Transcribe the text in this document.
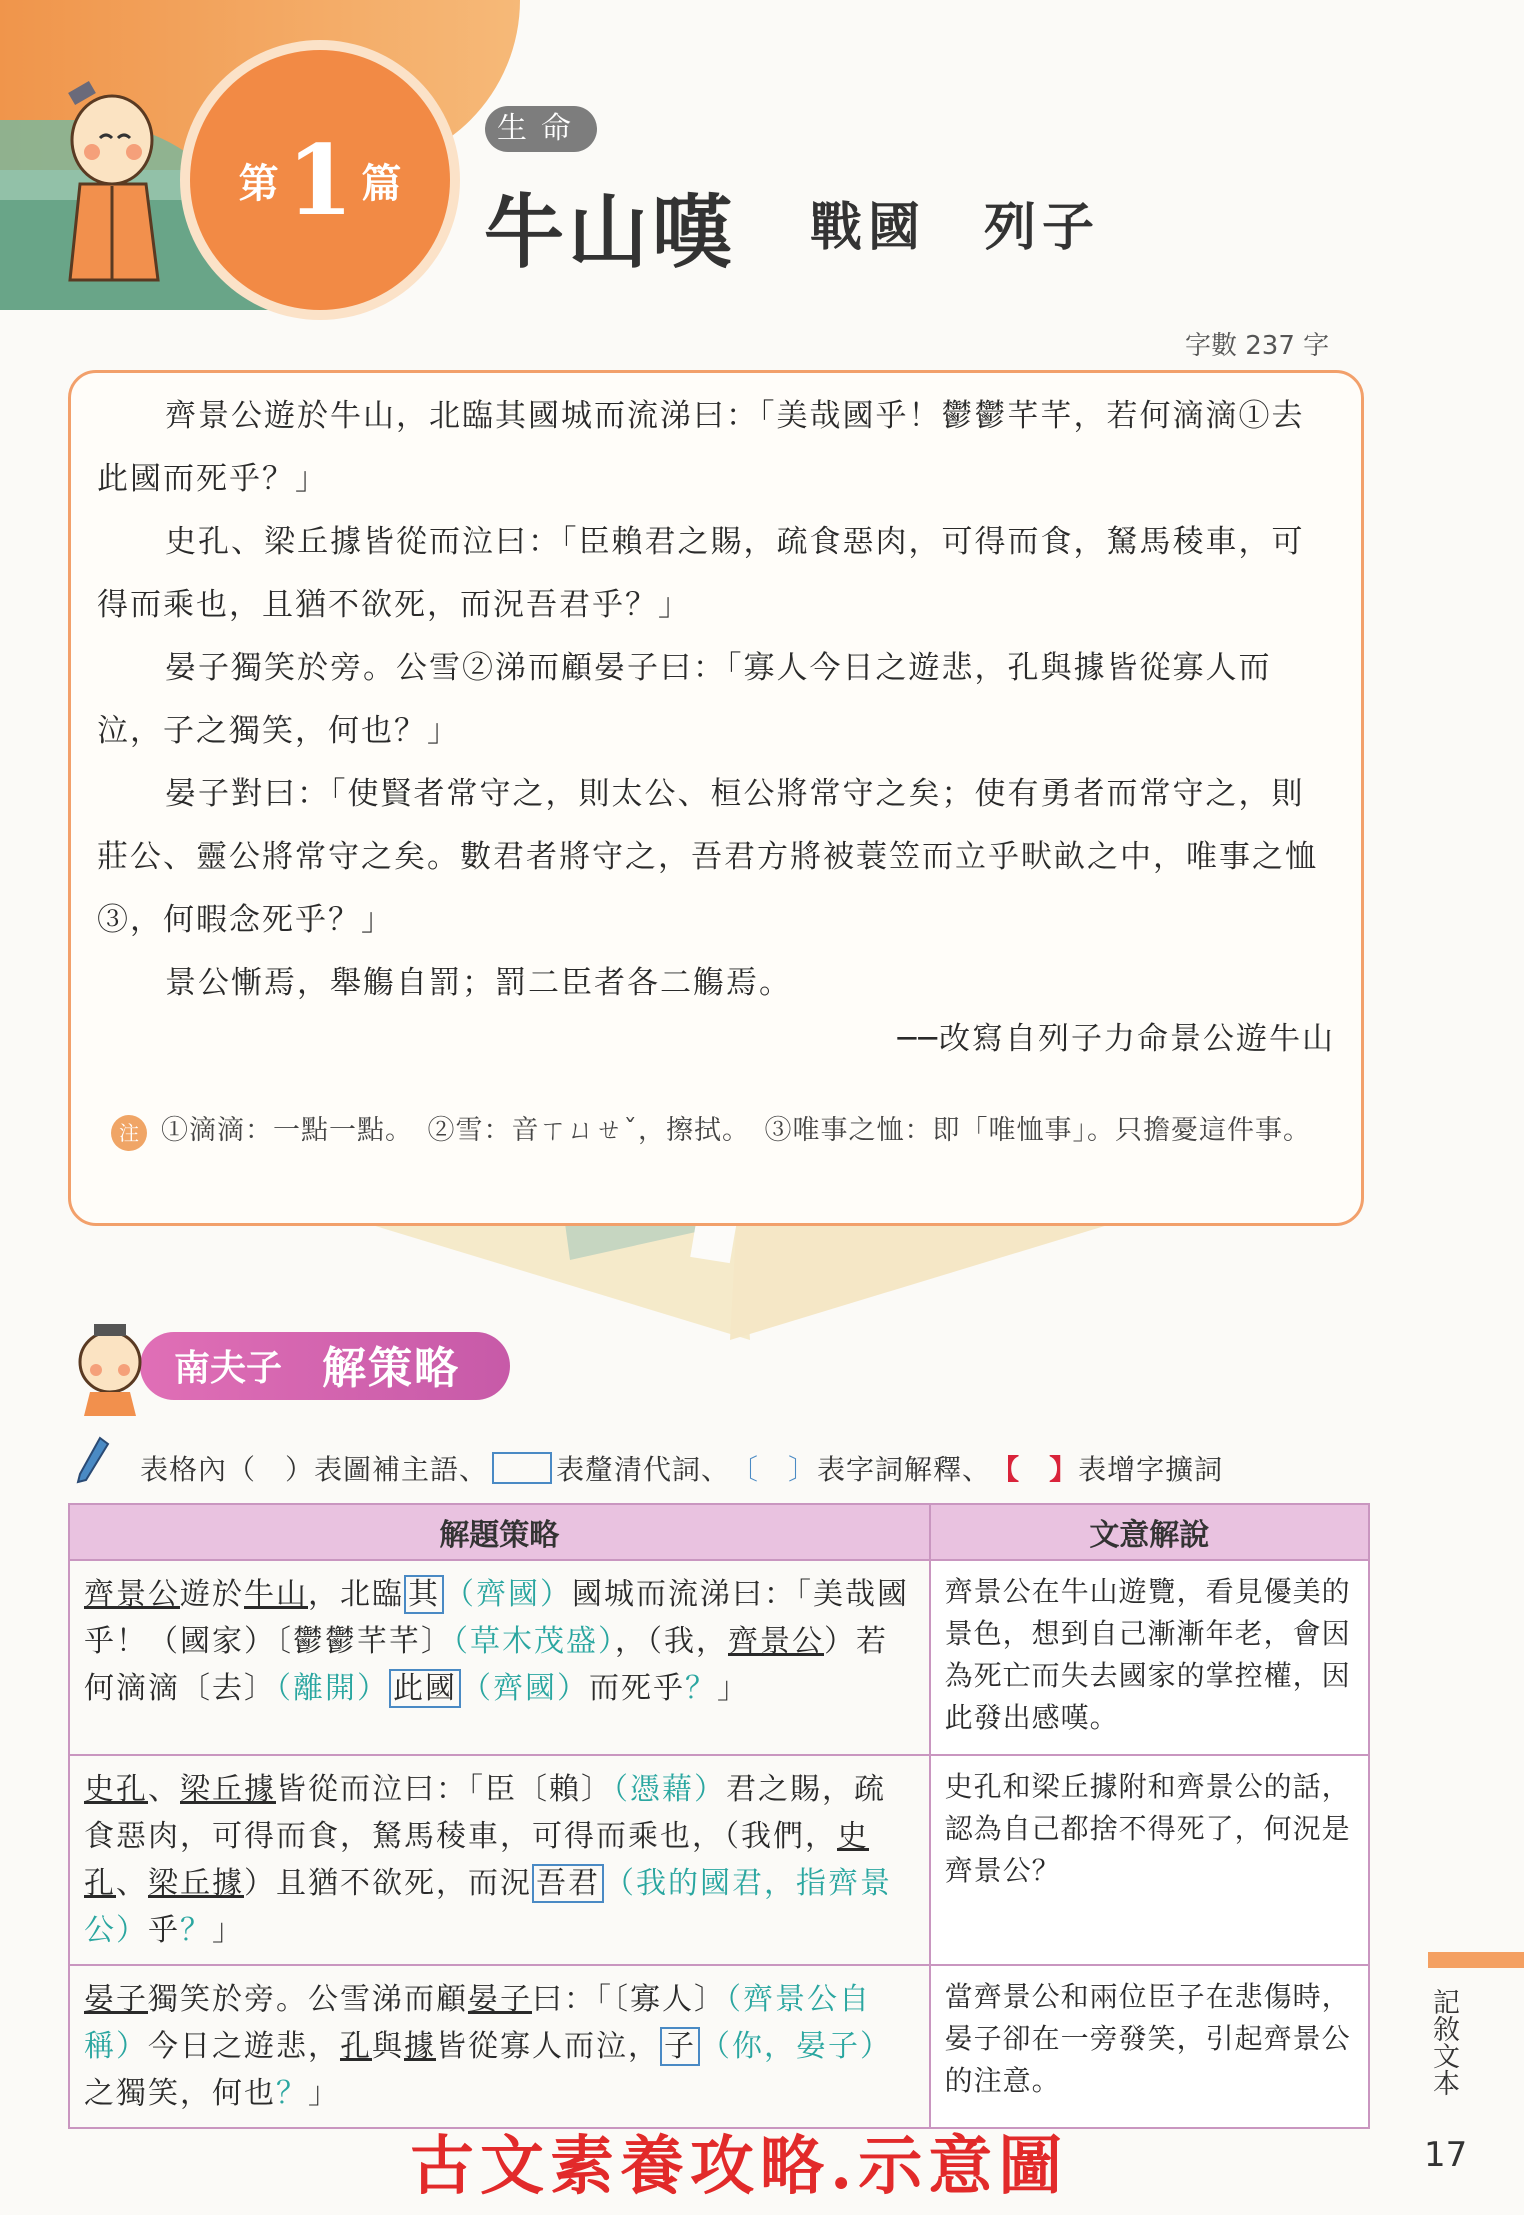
第 1 篇
生命
牛山嘆 戰國　列子
字數 237 字
齊景公遊於牛山，北臨其國城而流涕曰：「美哉國乎！鬱鬱芊芊，若何滴滴①去此國而死乎？」
史孔、梁丘據皆從而泣曰：「臣賴君之賜，疏食惡肉，可得而食，駑馬稜車，可得而乘也，且猶不欲死，而況吾君乎？」
晏子獨笑於旁。公雪②涕而顧晏子曰：「寡人今日之遊悲，孔與據皆從寡人而泣，子之獨笑，何也？」
晏子對曰：「使賢者常守之，則太公、桓公將常守之矣；使有勇者而常守之，則莊公、靈公將常守之矣。數君者將守之，吾君方將被蓑笠而立乎畎畝之中，唯事之恤③，何暇念死乎？」
景公慚焉，舉觴自罰；罰二臣者各二觴焉。
──改寫自列子力命景公遊牛山
注 ①滴滴：一點一點。　②雪：音ㄒㄩㄝˇ，擦拭。　③唯事之恤：即「唯恤事」。只擔憂這件事。
南夫子 解策略
表格內（　）表圖補主語、 表釐清代詞、 〔　〕 表字詞解釋、 【　】 表增字擴詞
解題策略	文意解說
齊景公遊於牛山，北臨 其 （齊國）國城而流涕曰：「美哉國乎！（國家）〔鬱鬱芊芊〕（草木茂盛），（我，齊景公）若何滴滴〔去〕（離開） 此國 （齊國）而死乎？」	齊景公在牛山遊覽，看見優美的景色，想到自己漸漸年老，會因為死亡而失去國家的掌控權，因此發出感嘆。
史孔、梁丘據皆從而泣曰：「臣〔賴〕（憑藉）君之賜，疏食惡肉，可得而食，駑馬稜車，可得而乘也，（我們，史孔、梁丘據）且猶不欲死，而況 吾君 （我的國君，指齊景公）乎？」	史孔和梁丘據附和齊景公的話，認為自己都捨不得死了，何況是齊景公？
晏子獨笑於旁。公雪涕而顧晏子曰：「〔寡人〕（齊景公自稱）今日之遊悲，孔與據皆從寡人而泣， 子 （你，晏子）之獨笑，何也？」	當齊景公和兩位臣子在悲傷時，晏子卻在一旁發笑，引起齊景公的注意。	記敘文本
17
古文素養攻略.示意圖
